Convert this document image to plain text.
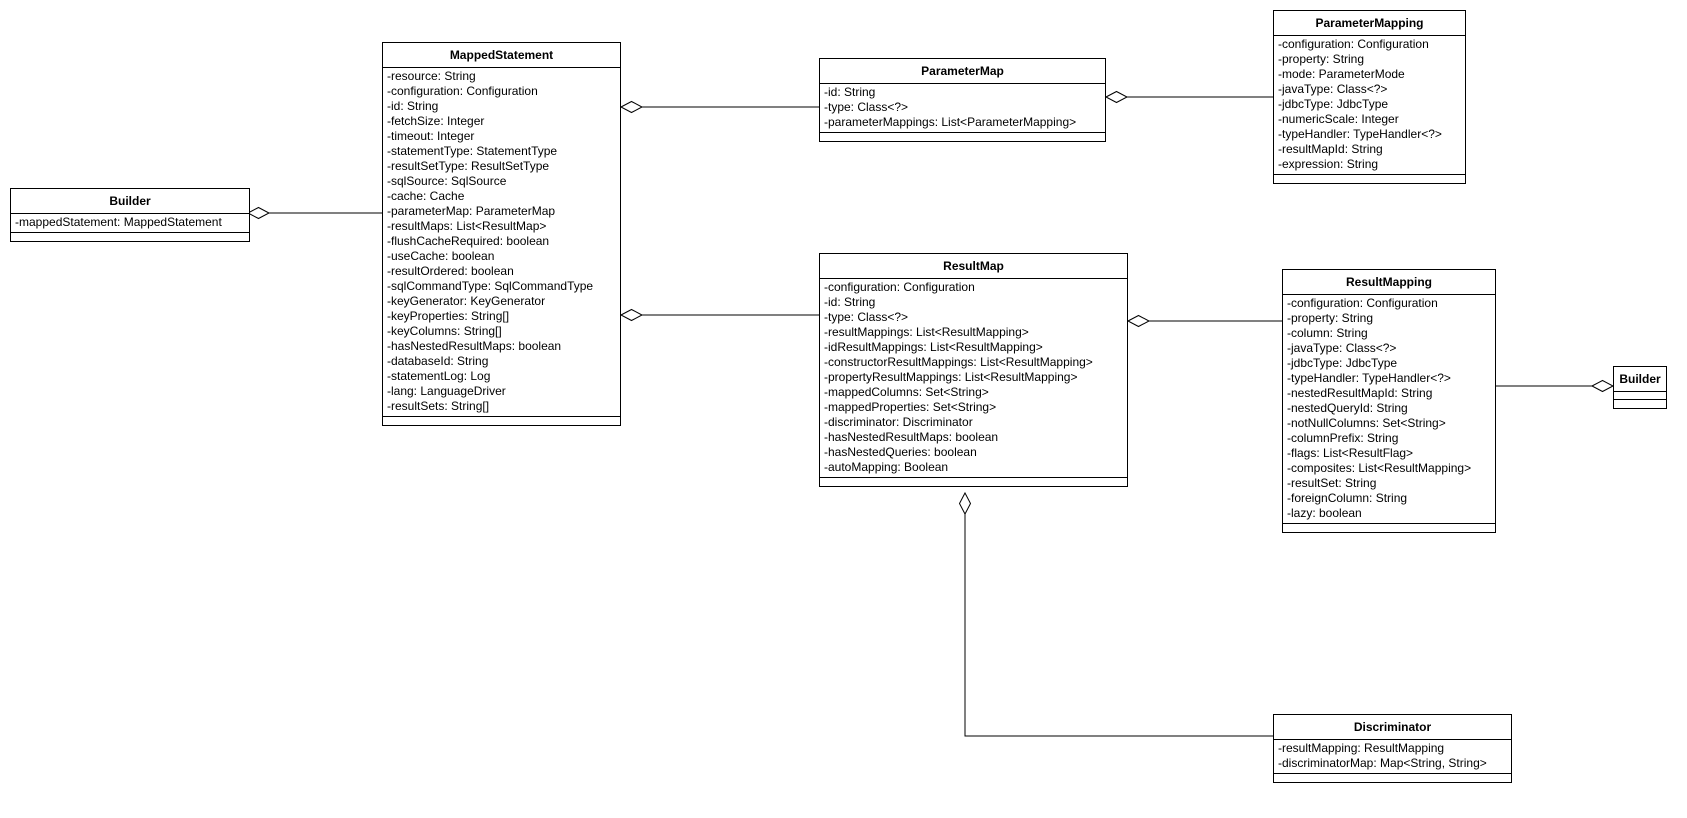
Builder
-mappedStatement: MappedStatement
MappedStatement
-resource: String
-configuration: Configuration
-id: String
-fetchSize: Integer
-timeout: Integer
-statementType: StatementType
-resultSetType: ResultSetType
-sqlSource: SqlSource
-cache: Cache
-parameterMap: ParameterMap
-resultMaps: List<ResultMap>
-flushCacheRequired: boolean
-useCache: boolean
-resultOrdered: boolean
-sqlCommandType: SqlCommandType
-keyGenerator: KeyGenerator
-keyProperties: String[]
-keyColumns: String[]
-hasNestedResultMaps: boolean
-databaseId: String
-statementLog: Log
-lang: LanguageDriver
-resultSets: String[]
ParameterMap
-id: String
-type: Class<?>
-parameterMappings: List<ParameterMapping>
ParameterMapping
-configuration: Configuration
-property: String
-mode: ParameterMode
-javaType: Class<?>
-jdbcType: JdbcType
-numericScale: Integer
-typeHandler: TypeHandler<?>
-resultMapId: String
-expression: String
ResultMap
-configuration: Configuration
-id: String
-type: Class<?>
-resultMappings: List<ResultMapping>
-idResultMappings: List<ResultMapping>
-constructorResultMappings: List<ResultMapping>
-propertyResultMappings: List<ResultMapping>
-mappedColumns: Set<String>
-mappedProperties: Set<String>
-discriminator: Discriminator
-hasNestedResultMaps: boolean
-hasNestedQueries: boolean
-autoMapping: Boolean
ResultMapping
-configuration: Configuration
-property: String
-column: String
-javaType: Class<?>
-jdbcType: JdbcType
-typeHandler: TypeHandler<?>
-nestedResultMapId: String
-nestedQueryId: String
-notNullColumns: Set<String>
-columnPrefix: String
-flags: List<ResultFlag>
-composites: List<ResultMapping>
-resultSet: String
-foreignColumn: String
-lazy: boolean
Builder
Discriminator
-resultMapping: ResultMapping
-discriminatorMap: Map<String, String>
